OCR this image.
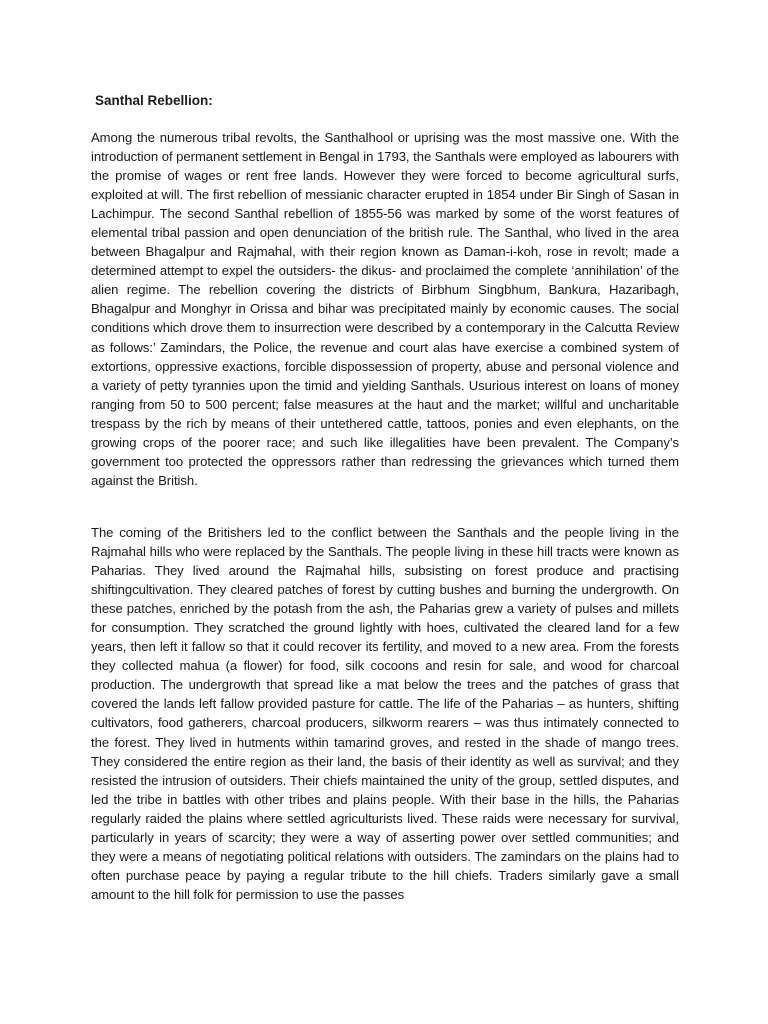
Santhal Rebellion:

Among the numerous tribal revolts, the Santhalhool or uprising was the most massive one. With the introduction of permanent settlement in Bengal in 1793, the Santhals were employed as labourers with the promise of wages or rent free lands. However they were forced to become agricultural surfs, exploited at will. The first rebellion of messianic character erupted in 1854 under Bir Singh of Sasan in Lachimpur. The second Santhal rebellion of 1855-56 was marked by some of the worst features of elemental tribal passion and open denunciation of the british rule. The Santhal, who lived in the area between Bhagalpur and Rajmahal, with their region known as Daman-i-koh, rose in revolt; made a determined attempt to expel the outsiders- the dikus- and proclaimed the complete ‘annihilation’ of the alien regime. The rebellion covering the districts of Birbhum Singbhum, Bankura, Hazaribagh, Bhagalpur and Monghyr in Orissa and bihar was precipitated mainly by economic causes. The social conditions which drove them to insurrection were described by a contemporary in the Calcutta Review as follows:’ Zamindars, the Police, the revenue and court alas have exercise a combined system of extortions, oppressive exactions, forcible dispossession of property, abuse and personal violence and a variety of petty tyrannies upon the timid and yielding Santhals. Usurious interest on loans of money ranging from 50 to 500 percent; false measures at the haut and the market; willful and uncharitable trespass by the rich by means of their untethered cattle, tattoos, ponies and even elephants, on the growing crops of the poorer race; and such like illegalities have been prevalent. The Company’s government too protected the oppressors rather than redressing the grievances which turned them against the British.

The coming of the Britishers led to the conflict between the Santhals and the people living in the Rajmahal hills who were replaced by the Santhals. The people living in these hill tracts were known as Paharias. They lived around the Rajmahal hills, subsisting on forest produce and practising shiftingcultivation. They cleared patches of forest by cutting bushes and burning the undergrowth. On these patches, enriched by the potash from the ash, the Paharias grew a variety of pulses and millets for consumption. They scratched the ground lightly with hoes, cultivated the cleared land for a few years, then left it fallow so that it could recover its fertility, and moved to a new area. From the forests they collected mahua (a flower) for food, silk cocoons and resin for sale, and wood for charcoal production. The undergrowth that spread like a mat below the trees and the patches of grass that covered the lands left fallow provided pasture for cattle. The life of the Paharias – as hunters, shifting cultivators, food gatherers, charcoal producers, silkworm rearers – was thus intimately connected to the forest. They lived in hutments within tamarind groves, and rested in the shade of mango trees. They considered the entire region as their land, the basis of their identity as well as survival; and they resisted the intrusion of outsiders. Their chiefs maintained the unity of the group, settled disputes, and led the tribe in battles with other tribes and plains people. With their base in the hills, the Paharias regularly raided the plains where settled agriculturists lived. These raids were necessary for survival, particularly in years of scarcity; they were a way of asserting power over settled communities; and they were a means of negotiating political relations with outsiders. The zamindars on the plains had to often purchase peace by paying a regular tribute to the hill chiefs. Traders similarly gave a small amount to the hill folk for permission to use the passes
